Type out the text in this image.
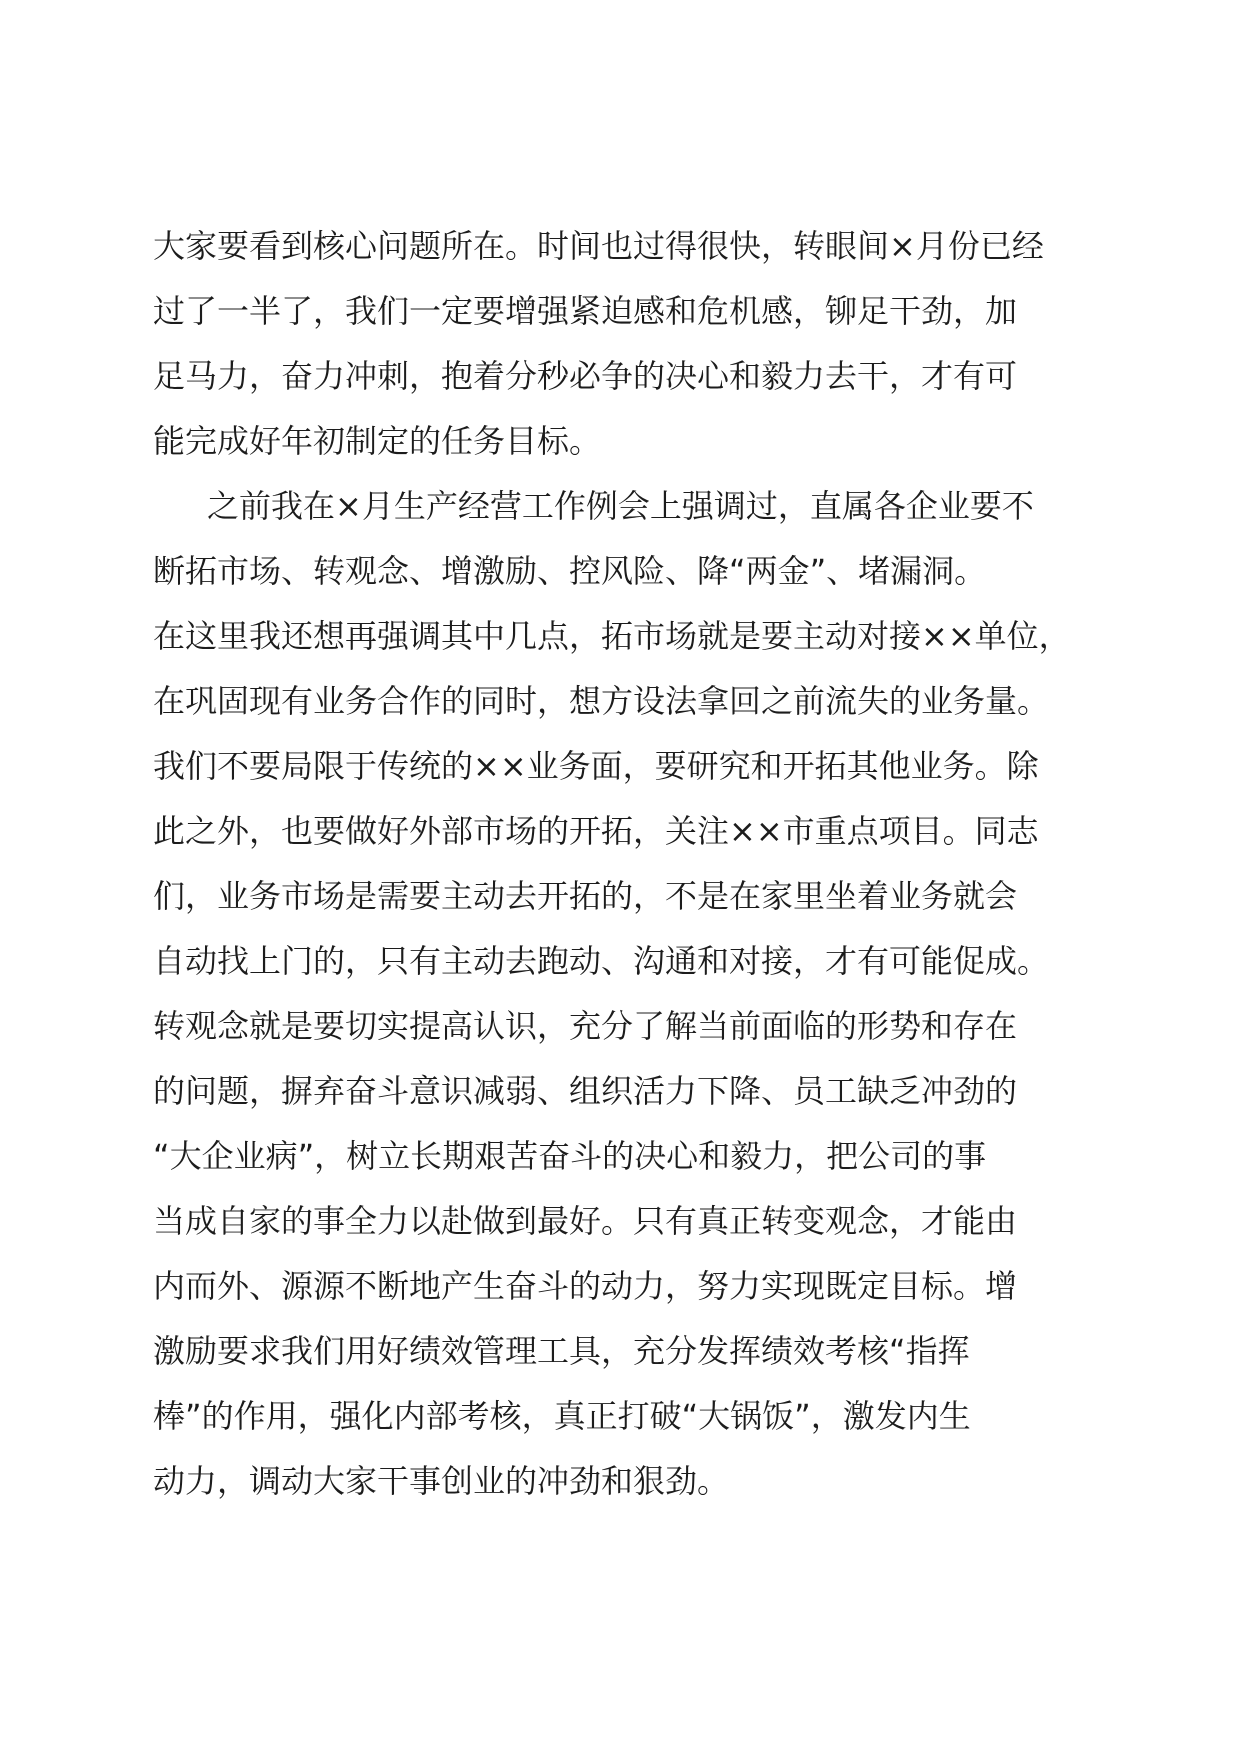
大家要看到核心问题所在。时间也过得很快，转眼间×月份已经
过了一半了，我们一定要增强紧迫感和危机感，铆足干劲，加
足马力，奋力冲刺，抱着分秒必争的决心和毅力去干，才有可
能完成好年初制定的任务目标。
之前我在×月生产经营工作例会上强调过，直属各企业要不
断拓市场、转观念、增激励、控风险、降“两金”、堵漏洞。
在这里我还想再强调其中几点，拓市场就是要主动对接××单位，
在巩固现有业务合作的同时，想方设法拿回之前流失的业务量。
我们不要局限于传统的××业务面，要研究和开拓其他业务。除
此之外，也要做好外部市场的开拓，关注××市重点项目。同志
们，业务市场是需要主动去开拓的，不是在家里坐着业务就会
自动找上门的，只有主动去跑动、沟通和对接，才有可能促成。
转观念就是要切实提高认识，充分了解当前面临的形势和存在
的问题，摒弃奋斗意识减弱、组织活力下降、员工缺乏冲劲的
“大企业病”，树立长期艰苦奋斗的决心和毅力，把公司的事
当成自家的事全力以赴做到最好。只有真正转变观念，才能由
内而外、源源不断地产生奋斗的动力，努力实现既定目标。增
激励要求我们用好绩效管理工具，充分发挥绩效考核“指挥
棒”的作用，强化内部考核，真正打破“大锅饭”，激发内生
动力，调动大家干事创业的冲劲和狠劲。
